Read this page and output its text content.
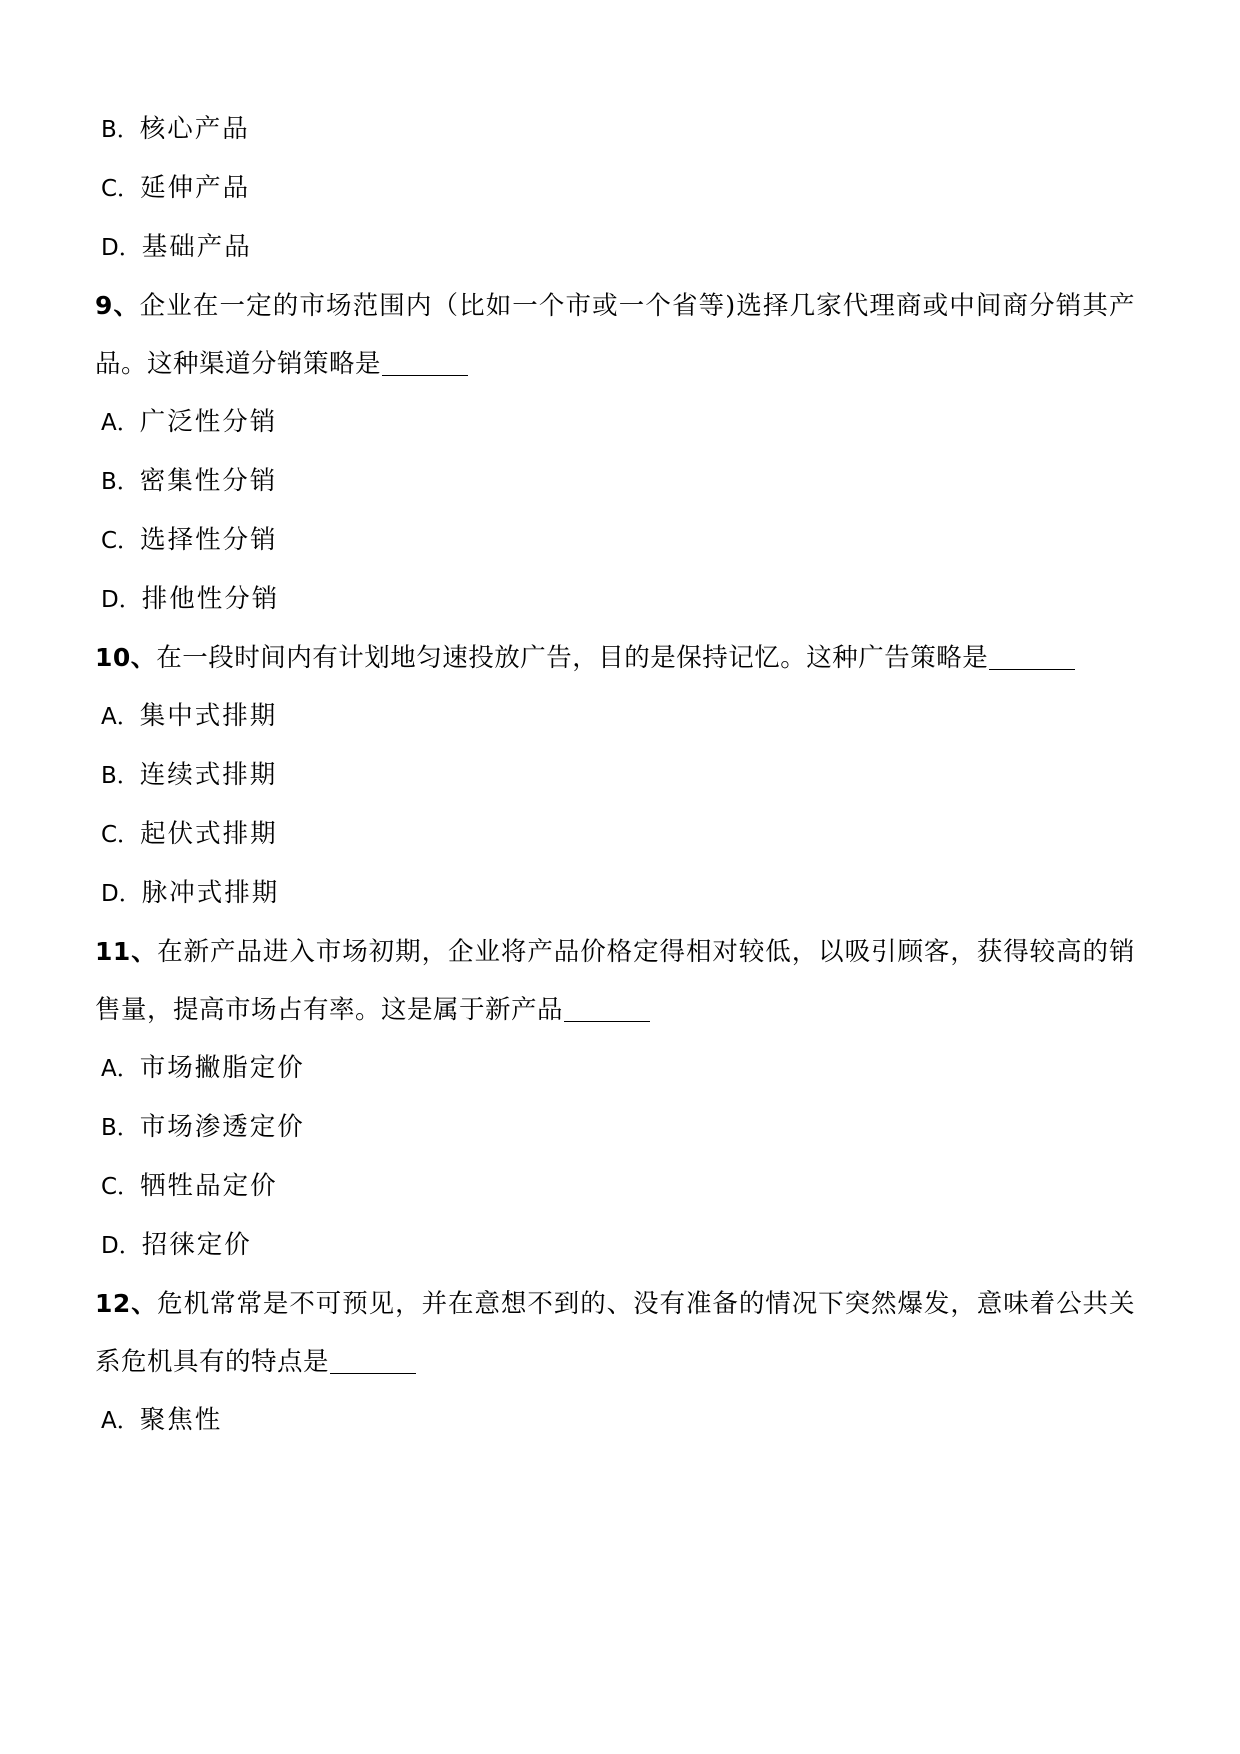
B．核心产品

C．延伸产品

D．基础产品

9、企业在一定的市场范围内（比如一个市或一个省等)选择几家代理商或中间商分销其产品。这种渠道分销策略是

A．广泛性分销

B．密集性分销

C．选择性分销

D．排他性分销

10、在一段时间内有计划地匀速投放广告，目的是保持记忆。这种广告策略是

A．集中式排期

B．连续式排期

C．起伏式排期

D．脉冲式排期

11、在新产品进入市场初期，企业将产品价格定得相对较低，以吸引顾客，获得较高的销售量，提高市场占有率。这是属于新产品

A．市场撇脂定价

B．市场渗透定价

C．牺牲品定价

D．招徕定价

12、危机常常是不可预见，并在意想不到的、没有准备的情况下突然爆发，意味着公共关系危机具有的特点是

A．聚焦性
